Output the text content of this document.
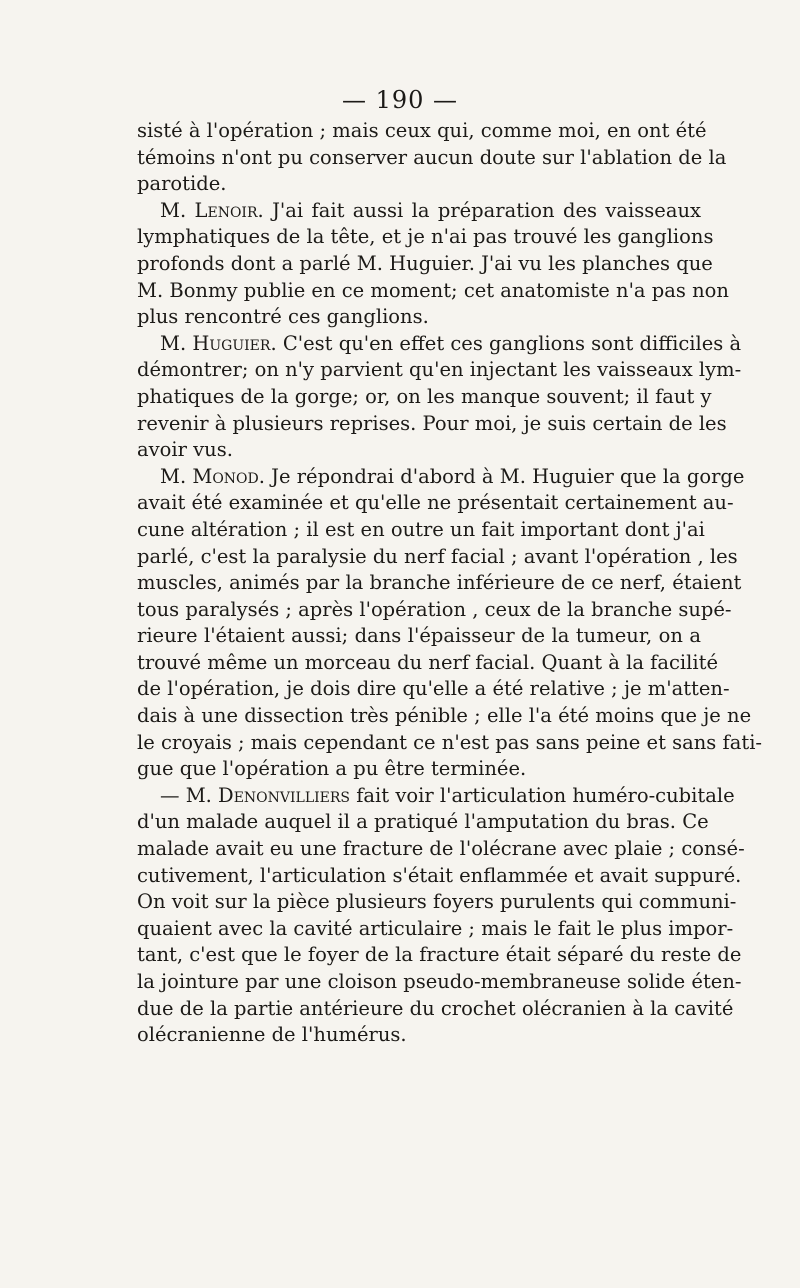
— 190 —
sisté à l'opération ; mais ceux qui, comme moi, en ont été
témoins n'ont pu conserver aucun doute sur l'ablation de la
parotide.
M. Lenoir. J'ai fait aussi la préparation des vaisseaux
lymphatiques de la tête, et je n'ai pas trouvé les ganglions
profonds dont a parlé M. Huguier. J'ai vu les planches que
M. Bonmy publie en ce moment; cet anatomiste n'a pas non
plus rencontré ces ganglions.
M. Huguier. C'est qu'en effet ces ganglions sont difficiles à
démontrer; on n'y parvient qu'en injectant les vaisseaux lym-
phatiques de la gorge; or, on les manque souvent; il faut y
revenir à plusieurs reprises. Pour moi, je suis certain de les
avoir vus.
M. Monod. Je répondrai d'abord à M. Huguier que la gorge
avait été examinée et qu'elle ne présentait certainement au-
cune altération ; il est en outre un fait important dont j'ai
parlé, c'est la paralysie du nerf facial ; avant l'opération , les
muscles, animés par la branche inférieure de ce nerf, étaient
tous paralysés ; après l'opération , ceux de la branche supé-
rieure l'étaient aussi; dans l'épaisseur de la tumeur, on a
trouvé même un morceau du nerf facial. Quant à la facilité
de l'opération, je dois dire qu'elle a été relative ; je m'atten-
dais à une dissection très pénible ; elle l'a été moins que je ne
le croyais ; mais cependant ce n'est pas sans peine et sans fati-
gue que l'opération a pu être terminée.
— M. Denonvilliers fait voir l'articulation huméro-cubitale
d'un malade auquel il a pratiqué l'amputation du bras. Ce
malade avait eu une fracture de l'olécrane avec plaie ; consé-
cutivement, l'articulation s'était enflammée et avait suppuré.
On voit sur la pièce plusieurs foyers purulents qui communi-
quaient avec la cavité articulaire ; mais le fait le plus impor-
tant, c'est que le foyer de la fracture était séparé du reste de
la jointure par une cloison pseudo-membraneuse solide éten-
due de la partie antérieure du crochet olécranien à la cavité
olécranienne de l'humérus.
